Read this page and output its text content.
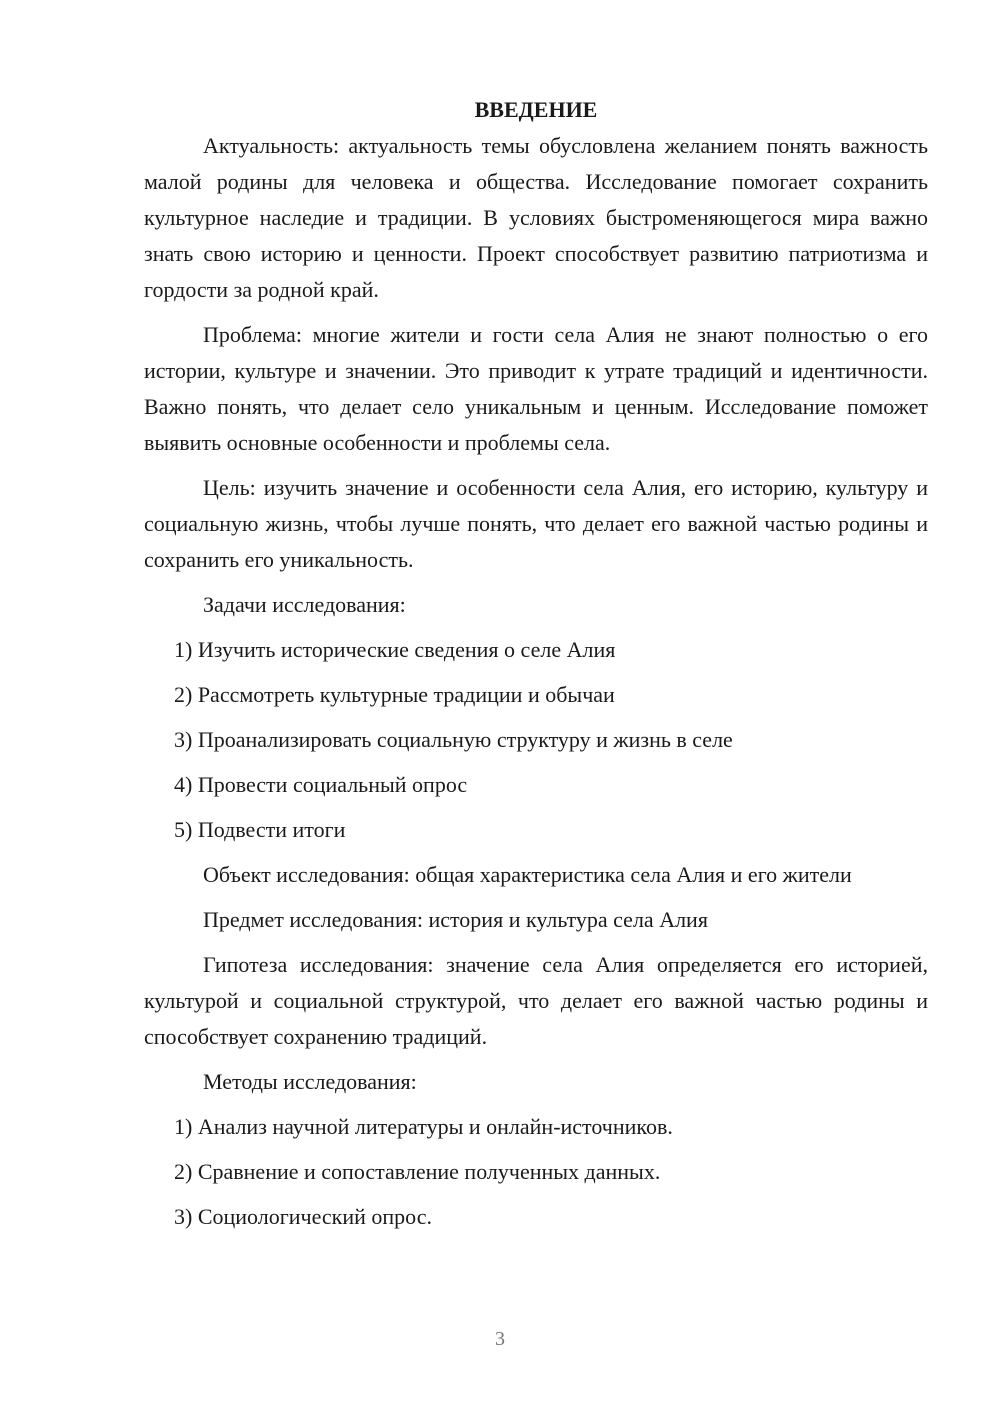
ВВЕДЕНИЕ

Актуальность: актуальность темы обусловлена желанием понять важность малой родины для человека и общества. Исследование помогает сохранить культурное наследие и традиции. В условиях быстроменяющегося мира важно знать свою историю и ценности. Проект способствует развитию патриотизма и гордости за родной край.

Проблема: многие жители и гости села Алия не знают полностью о его истории, культуре и значении. Это приводит к утрате традиций и идентичности. Важно понять, что делает село уникальным и ценным. Исследование поможет выявить основные особенности и проблемы села.

Цель: изучить значение и особенности села Алия, его историю, культуру и социальную жизнь, чтобы лучше понять, что делает его важной частью родины и сохранить его уникальность.

Задачи исследования:
1) Изучить исторические сведения о селе Алия
2) Рассмотреть культурные традиции и обычаи
3) Проанализировать социальную структуру и жизнь в селе
4) Провести социальный опрос
5) Подвести итоги

Объект исследования: общая характеристика села Алия и его жители

Предмет исследования: история и культура села Алия

Гипотеза исследования: значение села Алия определяется его историей, культурой и социальной структурой, что делает его важной частью родины и способствует сохранению традиций.

Методы исследования:
1) Анализ научной литературы и онлайн-источников.
2) Сравнение и сопоставление полученных данных.
3) Социологический опрос.
3
